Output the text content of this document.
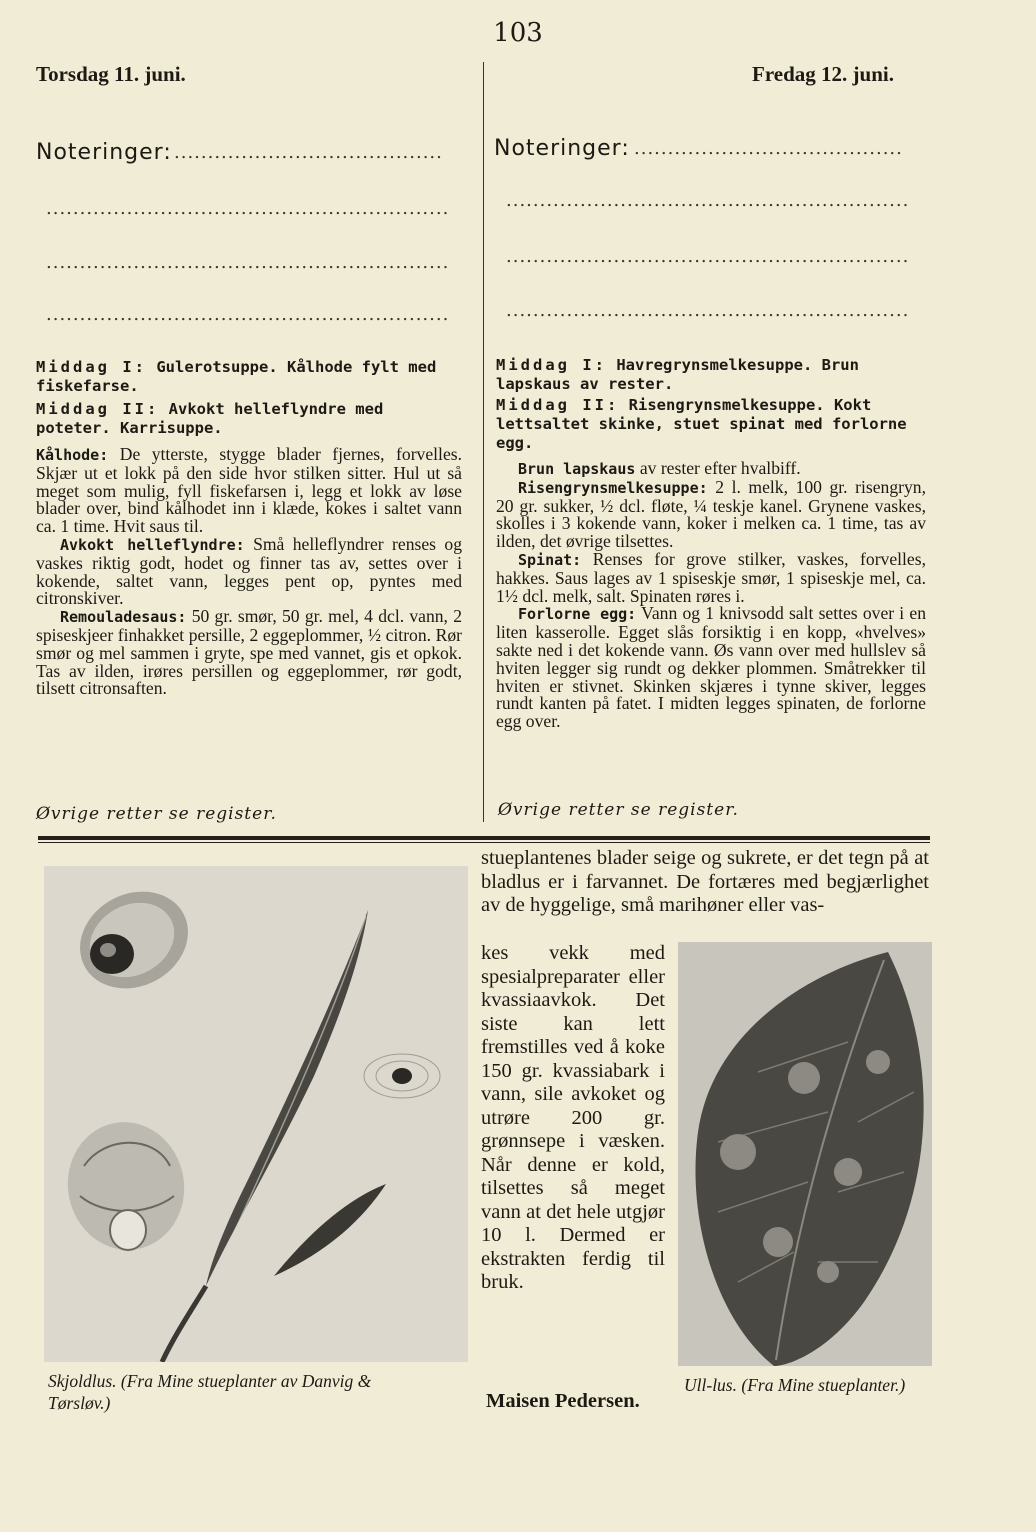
103
Torsdag 11. juni.
Noteringer: ........................................
............................................................
............................................................
............................................................
Middag I: Gulerotsuppe. Kålhode fylt med fiskefarse.
Middag II: Avkokt helleflyndre med poteter. Karrisuppe.

Kålhode: De ytterste, stygge blader fjernes, forvelles. Skjær ut et lokk på den side hvor stilken sitter. Hul ut så meget som mulig, fyll fiskefarsen i, legg et lokk av løse blader over, bind kålhodet inn i klæde, kokes i saltet vann ca. 1 time. Hvit saus til.

Avkokt helleflyndre: Små helleflyndrer renses og vaskes riktig godt, hodet og finner tas av, settes over i kokende, saltet vann, legges pent op, pyntes med citronskiver.

Remouladesaus: 50 gr. smør, 50 gr. mel, 4 dcl. vann, 2 spiseskjeer finhakket persille, 2 eggeplommer, ½ citron. Rør smør og mel sammen i gryte, spe med vannet, gis et opkok. Tas av ilden, irøres persillen og eggeplommer, rør godt, tilsett citronsaften.

Øvrige retter se register.
Fredag 12. juni.
Noteringer: ........................................
............................................................
............................................................
............................................................
Middag I: Havregrynsmelkesuppe. Brun lapskaus av rester.
Middag II: Risengrynsmelkesuppe. Kokt lettsaltet skinke, stuet spinat med forlorne egg.

Brun lapskaus av rester efter hvalbiff.

Risengrynsmelkesuppe: 2 l. melk, 100 gr. risengryn, 20 gr. sukker, ½ dcl. fløte, ¼ teskje kanel. Grynene vaskes, skolles i 3 kokende vann, koker i melken ca. 1 time, tas av ilden, det øvrige tilsettes.

Spinat: Renses for grove stilker, vaskes, forvelles, hakkes. Saus lages av 1 spiseskje smør, 1 spiseskje mel, ca. 1½ dcl. melk, salt. Spinaten røres i.

Forlorne egg: Vann og 1 knivsodd salt settes over i en liten kasserolle. Egget slås forsiktig i en kopp, «hvelves» sakte ned i det kokende vann. Øs vann over med hullslev så hviten legger sig rundt og dekker plommen. Småtrekker til hviten er stivnet. Skinken skjæres i tynne skiver, legges rundt kanten på fatet. I midten legges spinaten, de forlorne egg over.

Øvrige retter se register.
Skjoldlus. (Fra Mine stueplanter av Danvig & Tørsløv.)
stueplantenes blader seige og sukrete, er det tegn på at bladlus er i farvannet. De fortæres med begjærlighet av de hyggelige, små marihøner eller vas-
kes vekk med spesialpreparater eller kvassiaavkok. Det siste kan lett fremstilles ved å koke 150 gr. kvassiabark i vann, sile avkoket og utrøre 200 gr. grønnsepe i væsken. Når denne er kold, tilsettes så meget vann at det hele utgjør 10 l. Dermed er ekstrakten ferdig til bruk.
Maisen Pedersen.
Ull-lus. (Fra Mine stueplanter.)
